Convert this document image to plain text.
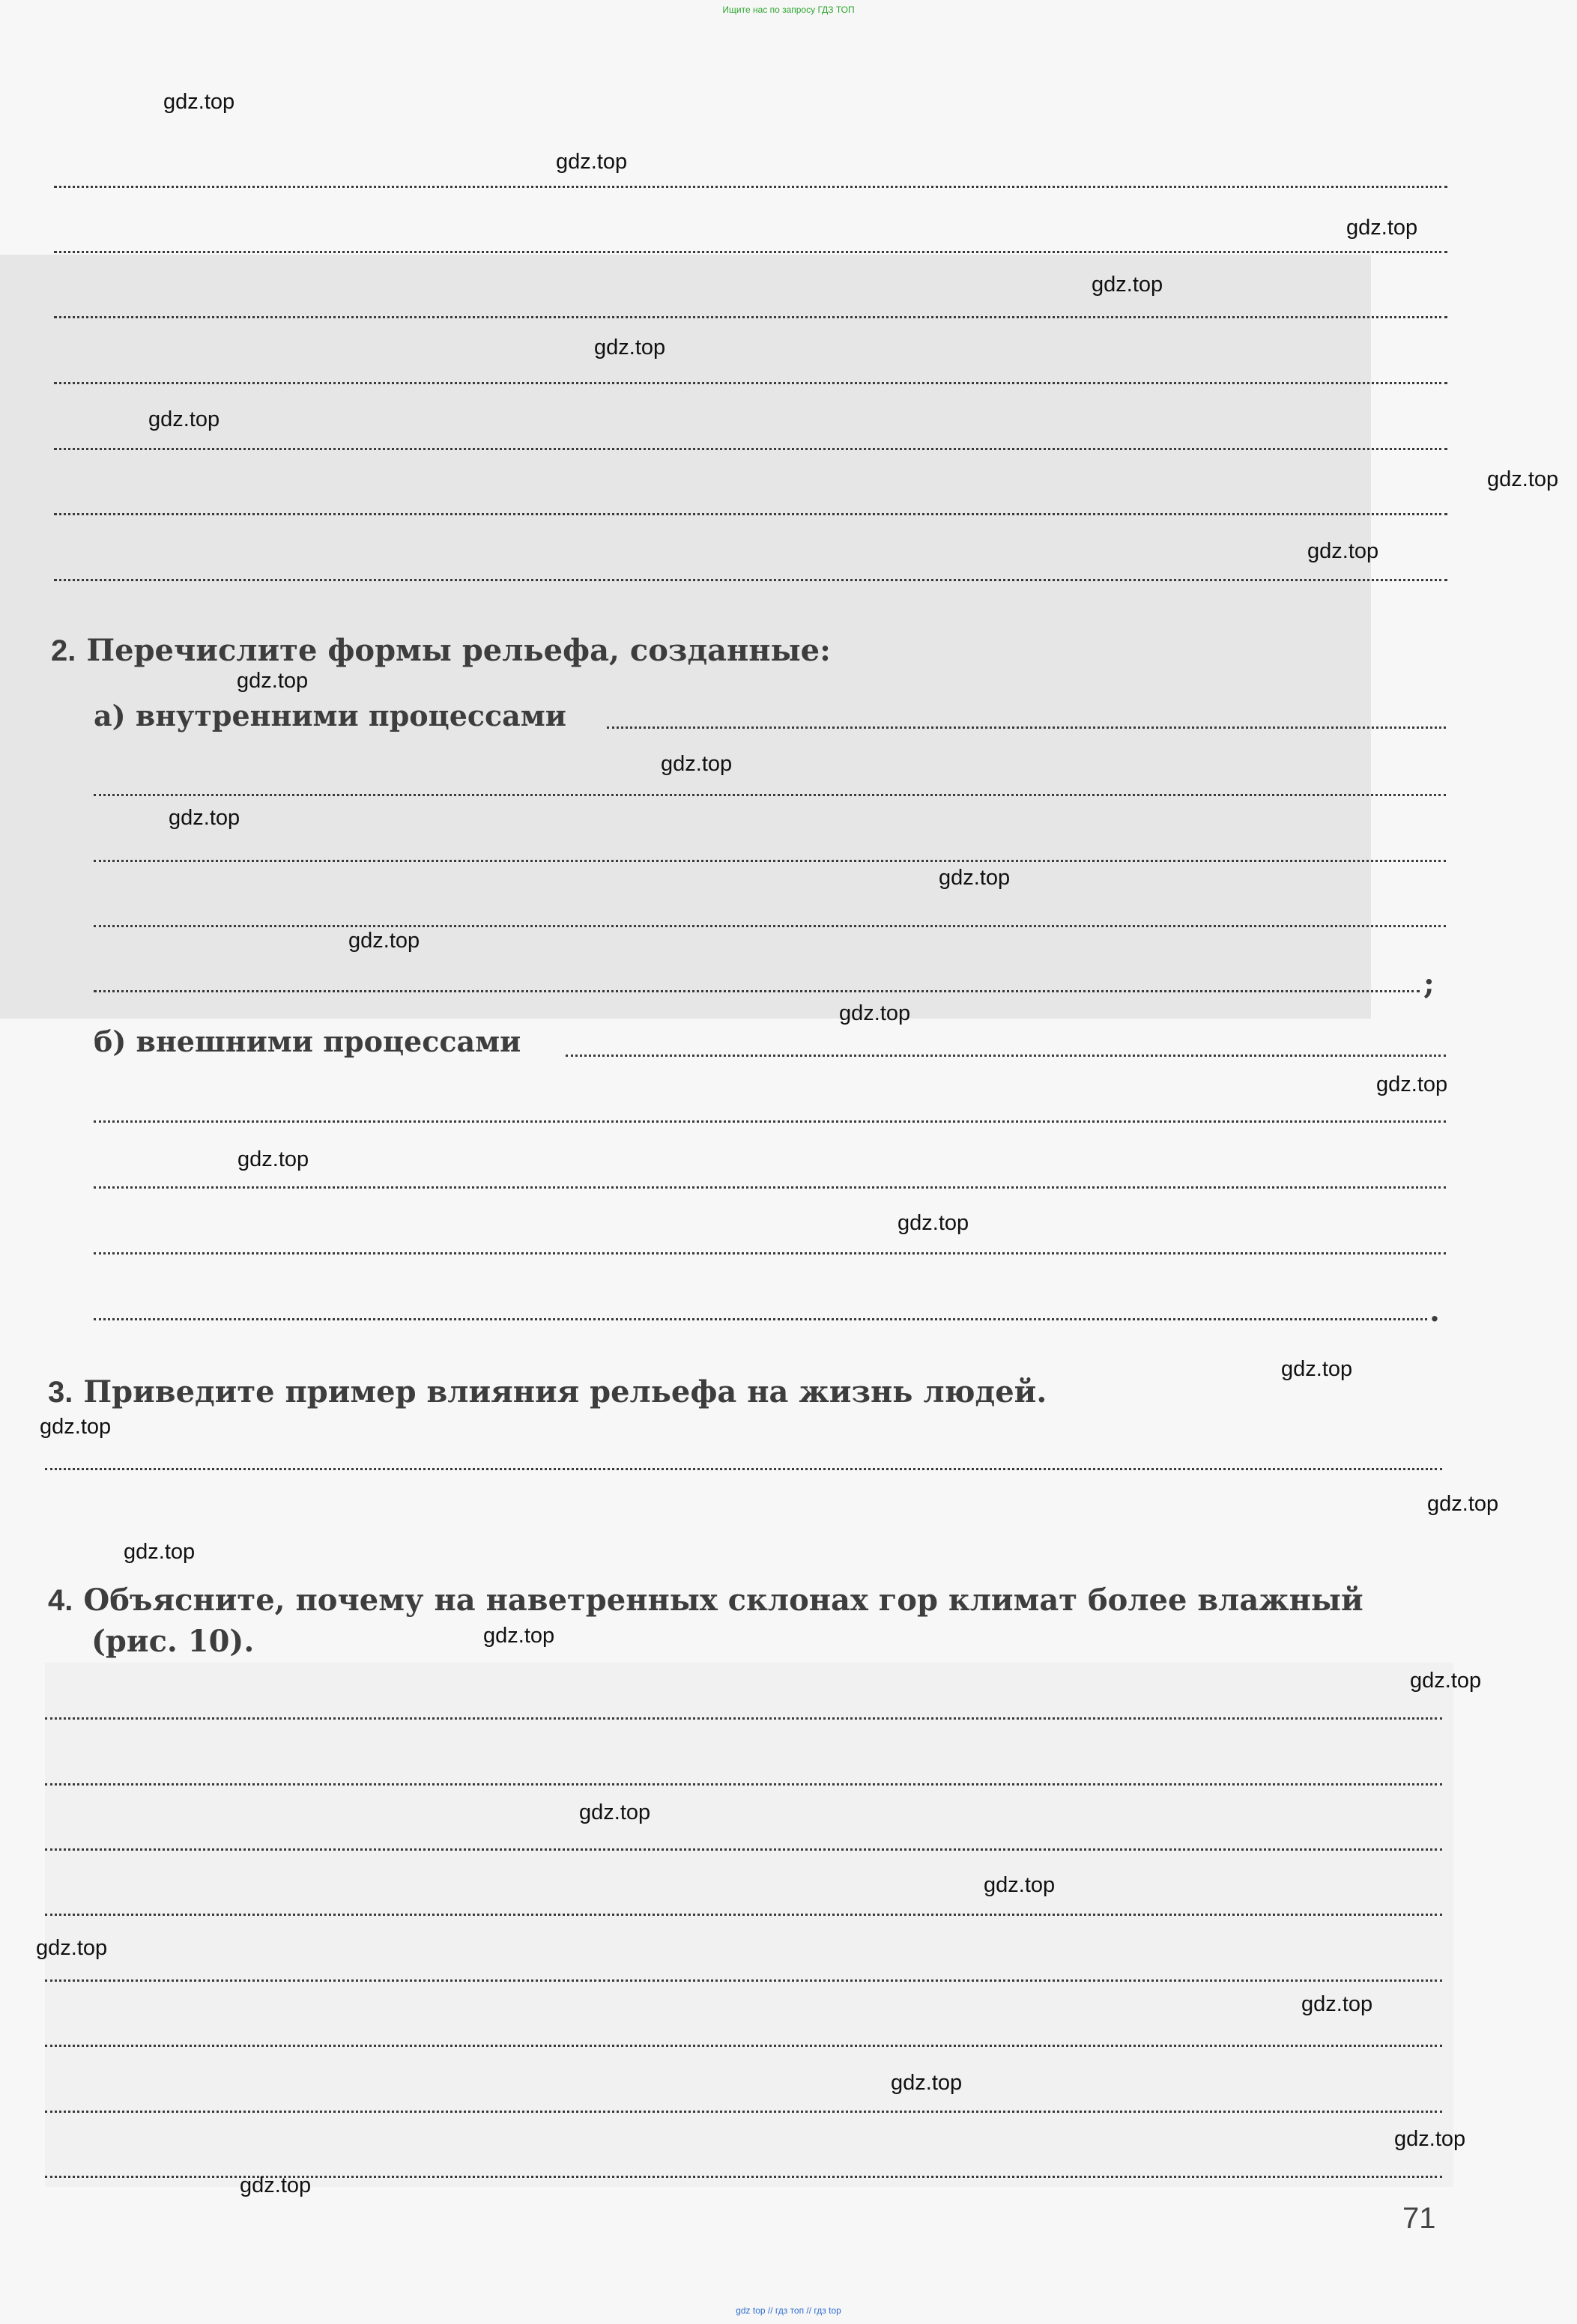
Ищите нас по запросу ГДЗ ТОП
2. Перечислите формы рельефа, созданные:
а) внутренними процессами
;
б) внешними процессами
.
3. Приведите пример влияния рельефа на жизнь людей.
4. Объясните, почему на наветренных склонах гор климат более влажный
(рис. 10).
gdz.top
gdz.top
gdz.top
gdz.top
gdz.top
gdz.top
gdz.top
gdz.top
gdz.top
gdz.top
gdz.top
gdz.top
gdz.top
gdz.top
gdz.top
gdz.top
gdz.top
gdz.top
gdz.top
gdz.top
gdz.top
gdz.top
gdz.top
gdz.top
gdz.top
gdz.top
gdz.top
gdz.top
gdz.top
gdz.top
71
gdz top // гдз топ // гдз top
